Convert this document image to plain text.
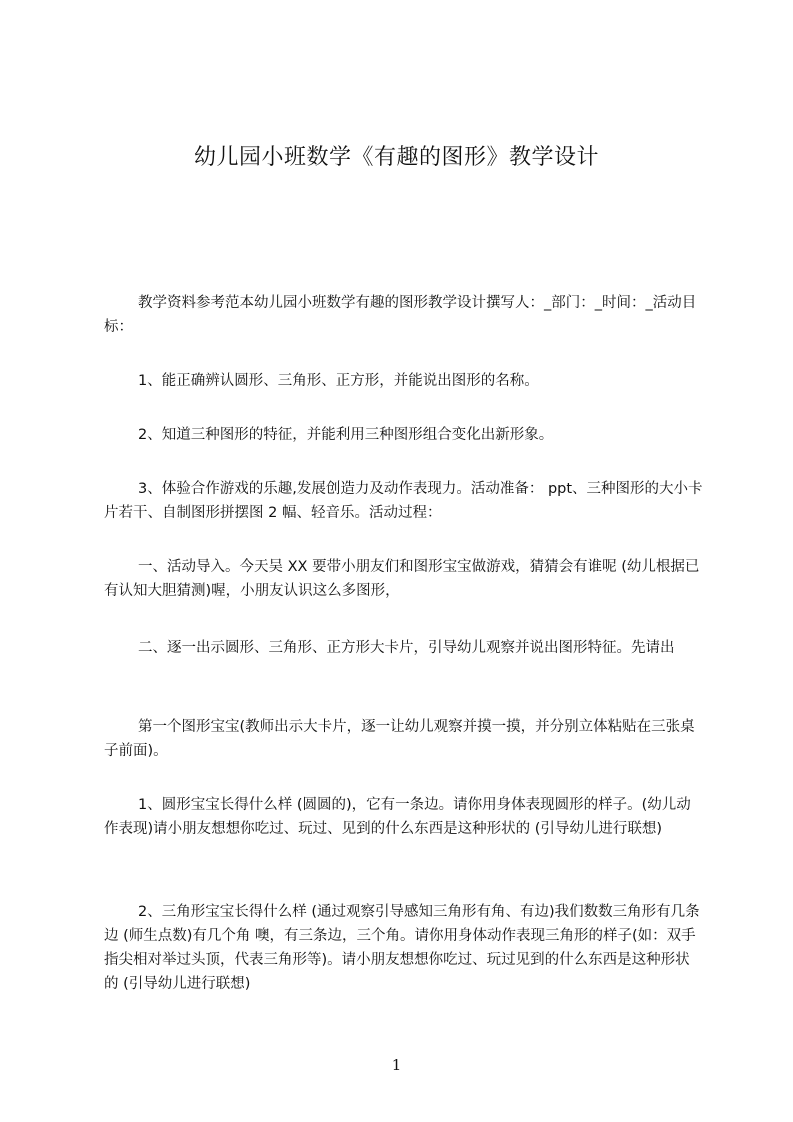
幼儿园小班数学《有趣的图形》教学设计
教学资料参考范本幼儿园小班数学有趣的图形教学设计撰写人：_部门：_时间：_活动目标：
1、能正确辨认圆形、三角形、正方形，并能说出图形的名称。
2、知道三种图形的特征，并能利用三种图形组合变化出新形象。
3、体验合作游戏的乐趣,发展创造力及动作表现力。活动准备： ppt、三种图形的大小卡片若干、自制图形拼摆图 2 幅、轻音乐。活动过程：
一、活动导入。今天吴 XX 要带小朋友们和图形宝宝做游戏，猜猜会有谁呢 (幼儿根据已有认知大胆猜测)喔，小朋友认识这么多图形，
二、逐一出示圆形、三角形、正方形大卡片，引导幼儿观察并说出图形特征。先请出
第一个图形宝宝(教师出示大卡片，逐一让幼儿观察并摸一摸，并分别立体粘贴在三张桌子前面)。
1、圆形宝宝长得什么样 (圆圆的)，它有一条边。请你用身体表现圆形的样子。(幼儿动作表现)请小朋友想想你吃过、玩过、见到的什么东西是这种形状的 (引导幼儿进行联想)
2、三角形宝宝长得什么样 (通过观察引导感知三角形有角、有边)我们数数三角形有几条边 (师生点数)有几个角 噢，有三条边，三个角。请你用身体动作表现三角形的样子(如：双手指尖相对举过头顶，代表三角形等)。请小朋友想想你吃过、玩过见到的什么东西是这种形状的 (引导幼儿进行联想)
1
